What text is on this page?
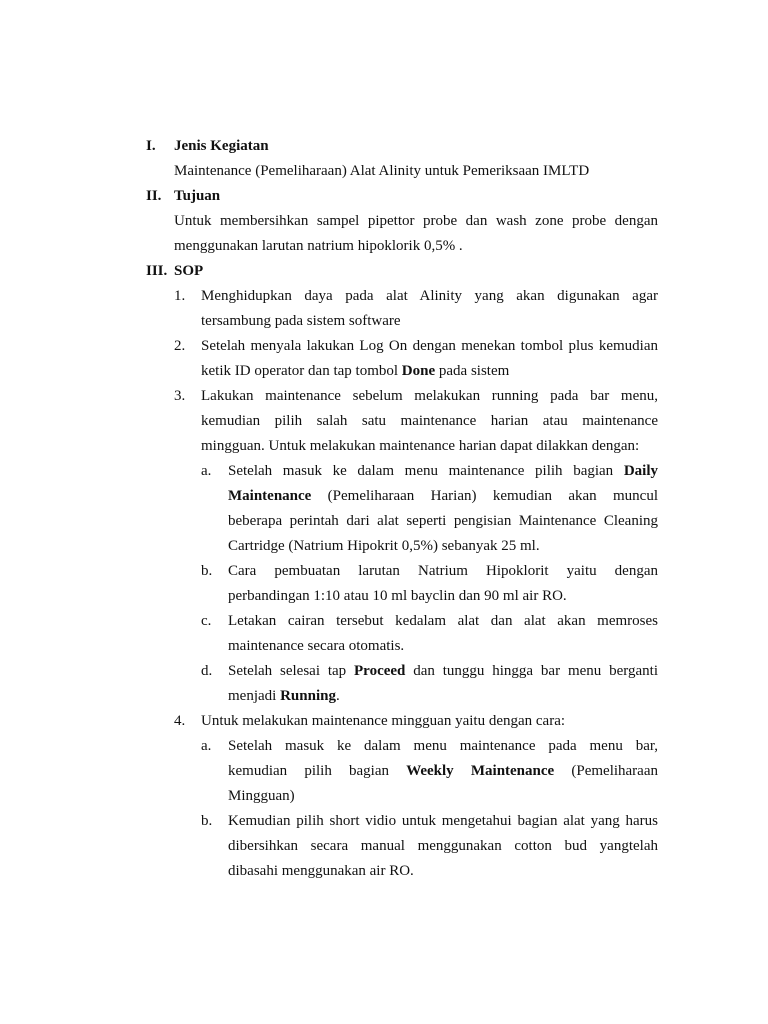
I. Jenis Kegiatan

Maintenance (Pemeliharaan) Alat Alinity untuk Pemeriksaan IMLTD

II. Tujuan

Untuk membersihkan sampel pipettor probe dan wash zone probe dengan

menggunakan larutan natrium hipoklorik 0,5% .

III. SOP
1. Menghidupkan daya pada alat Alinity yang akan digunakan agar

tersambung pada sistem software

2. Setelah menyala lakukan Log On dengan menekan tombol plus kemudian

ketik ID operator dan tap tombol Done pada sistem

3. Lakukan maintenance sebelum melakukan running pada bar menu,

kemudian pilih salah satu maintenance harian atau maintenance

mingguan. Untuk melakukan maintenance harian dapat dilakkan dengan:

a. Setelah masuk ke dalam menu maintenance pilih bagian Daily

Maintenance (Pemeliharaan Harian) kemudian akan muncul

beberapa perintah dari alat seperti pengisian Maintenance Cleaning

Cartridge (Natrium Hipokrit 0,5%) sebanyak 25 ml.

b. Cara pembuatan larutan Natrium Hipoklorit yaitu dengan

perbandingan 1:10 atau 10 ml bayclin dan 90 ml air RO.

c. Letakan cairan tersebut kedalam alat dan alat akan memroses

maintenance secara otomatis.

d. Setelah selesai tap Proceed dan tunggu hingga bar menu berganti

menjadi Running.

4. Untuk melakukan maintenance mingguan yaitu dengan cara:

a. Setelah masuk ke dalam menu maintenance pada menu bar,

kemudian pilih bagian Weekly Maintenance (Pemeliharaan

Mingguan)

b. Kemudian pilih short vidio untuk mengetahui bagian alat yang harus

dibersihkan secara manual menggunakan cotton bud yangtelah

dibasahi menggunakan air RO.
